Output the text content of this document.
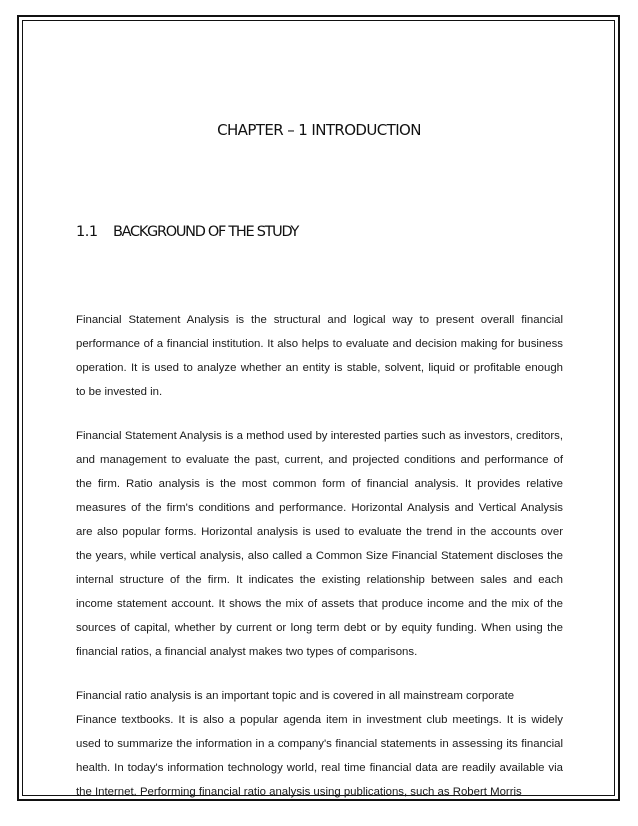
CHAPTER – 1 INTRODUCTION
1.1 BACKGROUND OF THE STUDY
Financial Statement Analysis is the structural and logical way to present overall financial
performance of a financial institution. It also helps to evaluate and decision making for business
operation. It is used to analyze whether an entity is stable, solvent, liquid or profitable enough
to be invested in.
Financial Statement Analysis is a method used by interested parties such as investors, creditors,
and management to evaluate the past, current, and projected conditions and performance of
the firm. Ratio analysis is the most common form of financial analysis. It provides relative
measures of the firm's conditions and performance. Horizontal Analysis and Vertical Analysis
are also popular forms. Horizontal analysis is used to evaluate the trend in the accounts over
the years, while vertical analysis, also called a Common Size Financial Statement discloses the
internal structure of the firm. It indicates the existing relationship between sales and each
income statement account. It shows the mix of assets that produce income and the mix of the
sources of capital, whether by current or long term debt or by equity funding. When using the
financial ratios, a financial analyst makes two types of comparisons.
Financial ratio analysis is an important topic and is covered in all mainstream corporate
Finance textbooks. It is also a popular agenda item in investment club meetings. It is widely
used to summarize the information in a company's financial statements in assessing its financial
health. In today's information technology world, real time financial data are readily available via
the Internet. Performing financial ratio analysis using publications, such as Robert Morris
